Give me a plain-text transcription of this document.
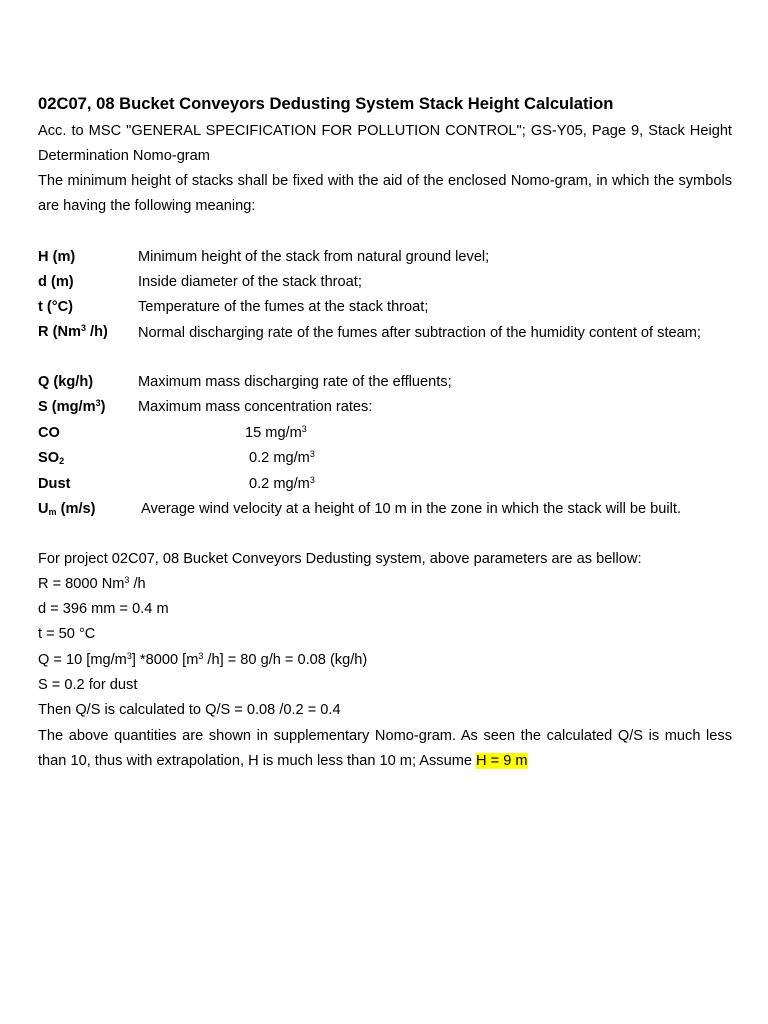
02C07, 08 Bucket Conveyors Dedusting System Stack Height Calculation
Acc. to MSC "GENERAL SPECIFICATION FOR POLLUTION CONTROL"; GS-Y05, Page 9, Stack Height Determination Nomo-gram
The minimum height of stacks shall be fixed with the aid of the enclosed Nomo-gram, in which the symbols are having the following meaning:
H (m)	Minimum height of the stack from natural ground level;
d (m)	Inside diameter of the stack throat;
t (°C)	Temperature of the fumes at the stack throat;
R (Nm$^3$ /h) Normal discharging rate of the fumes after subtraction of the humidity content of steam;
Q (kg/h)	Maximum mass discharging rate of the effluents;
S $(mg/m^3)$ Maximum mass concentration rates:
CO	15 $mg/m^3$
$SO_2$	0.2 $mg/m^3$
Dust	0.2 $mg/m^3$
$U_m$ (m/s)	Average wind velocity at a height of 10 m in the zone in which the stack will be built.
For project 02C07, 08 Bucket Conveyors Dedusting system, above parameters are as bellow:
R = 8000 Nm$^3$ /h
d = 396 mm = 0.4 m
t = 50 °C
Q = 10 $[mg/m^3]$ *8000 [$m^3$ /h] = 80 g/h = 0.08 (kg/h)
S = 0.2 for dust
Then Q/S is calculated to Q/S = 0.08 /0.2 = 0.4
The above quantities are shown in supplementary Nomo-gram. As seen the calculated Q/S is much less than 10, thus with extrapolation, H is much less than 10 m; Assume H = 9 m
